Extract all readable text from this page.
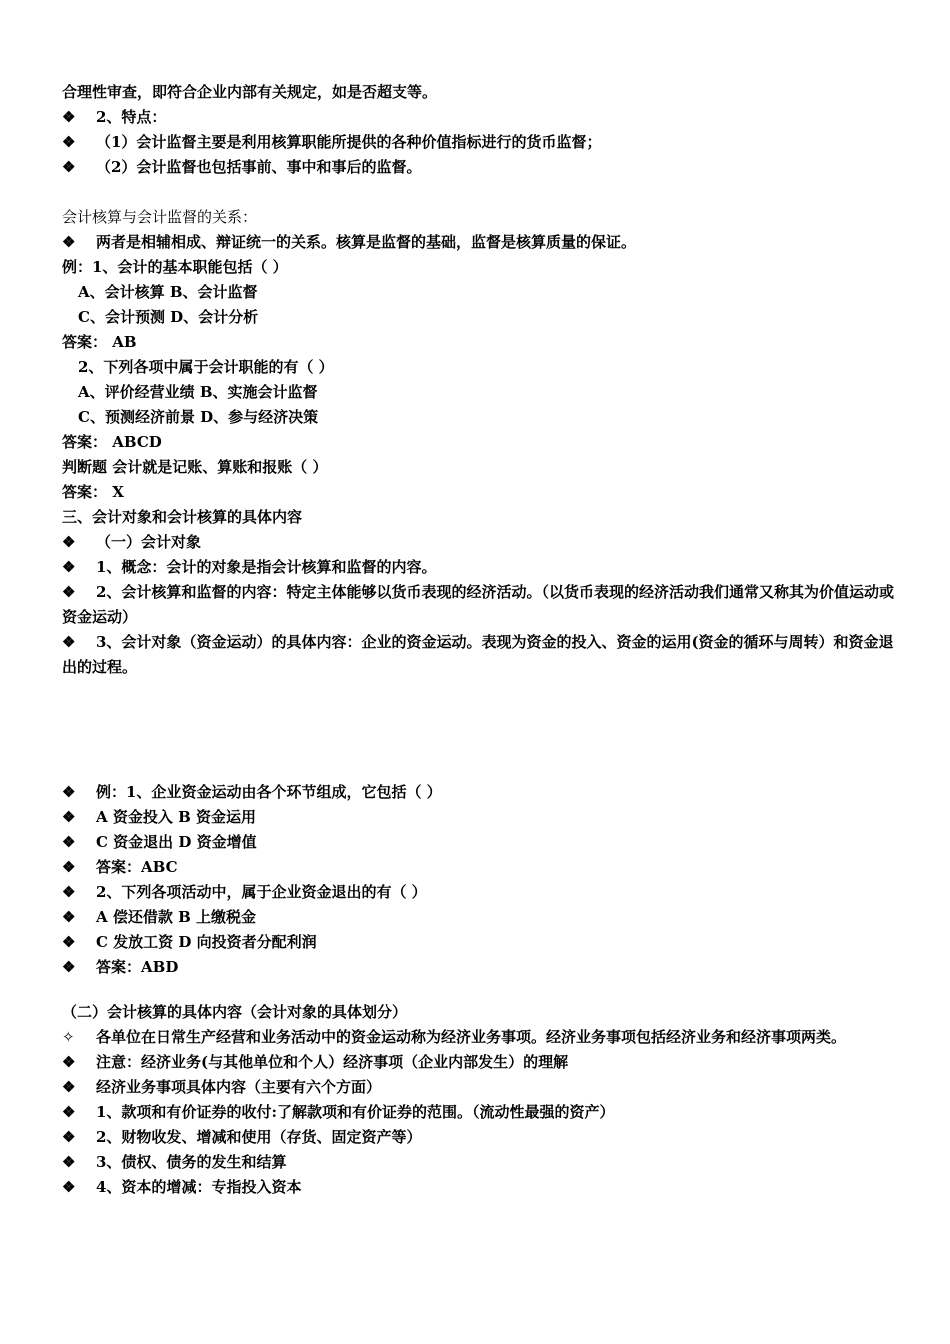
合理性审查，即符合企业内部有关规定，如是否超支等。
❖ 2、特点：
❖ （1）会计监督主要是利用核算职能所提供的各种价值指标进行的货币监督；
❖ （2）会计监督也包括事前、事中和事后的监督。
会计核算与会计监督的关系：
❖ 两者是相辅相成、辩证统一的关系。核算是监督的基础，监督是核算质量的保证。
例：1、会计的基本职能包括（ ）
A、会计核算 B、会计监督
C、会计预测 D、会计分析
答案： AB
2、下列各项中属于会计职能的有（ ）
A、评价经营业绩 B、实施会计监督
C、预测经济前景 D、参与经济决策
答案： ABCD
判断题 会计就是记账、算账和报账（ ）
答案： X
三、会计对象和会计核算的具体内容
❖ （一）会计对象
❖ 1、概念：会计的对象是指会计核算和监督的内容。
❖ 2、会计核算和监督的内容：特定主体能够以货币表现的经济活动。（以货币表现的经济活动我们通常又称其为价值运动或资金运动）
❖ 3、会计对象（资金运动）的具体内容：企业的资金运动。表现为资金的投入、资金的运用(资金的循环与周转）和资金退出的过程。
❖ 例：1、企业资金运动由各个环节组成，它包括（ ）
❖ A 资金投入 B 资金运用
❖ C 资金退出 D 资金增值
❖ 答案：ABC
❖ 2、下列各项活动中，属于企业资金退出的有（ ）
❖ A 偿还借款 B 上缴税金
❖ C 发放工资 D 向投资者分配利润
❖ 答案：ABD
（二）会计核算的具体内容（会计对象的具体划分）
✧ 各单位在日常生产经营和业务活动中的资金运动称为经济业务事项。经济业务事项包括经济业务和经济事项两类。
❖ 注意：经济业务(与其他单位和个人）经济事项（企业内部发生）的理解
❖ 经济业务事项具体内容（主要有六个方面）
❖ 1、款项和有价证券的收付:了解款项和有价证券的范围。（流动性最强的资产）
❖ 2、财物收发、增减和使用（存货、固定资产等）
❖ 3、债权、债务的发生和结算
❖ 4、资本的增减：专指投入资本
